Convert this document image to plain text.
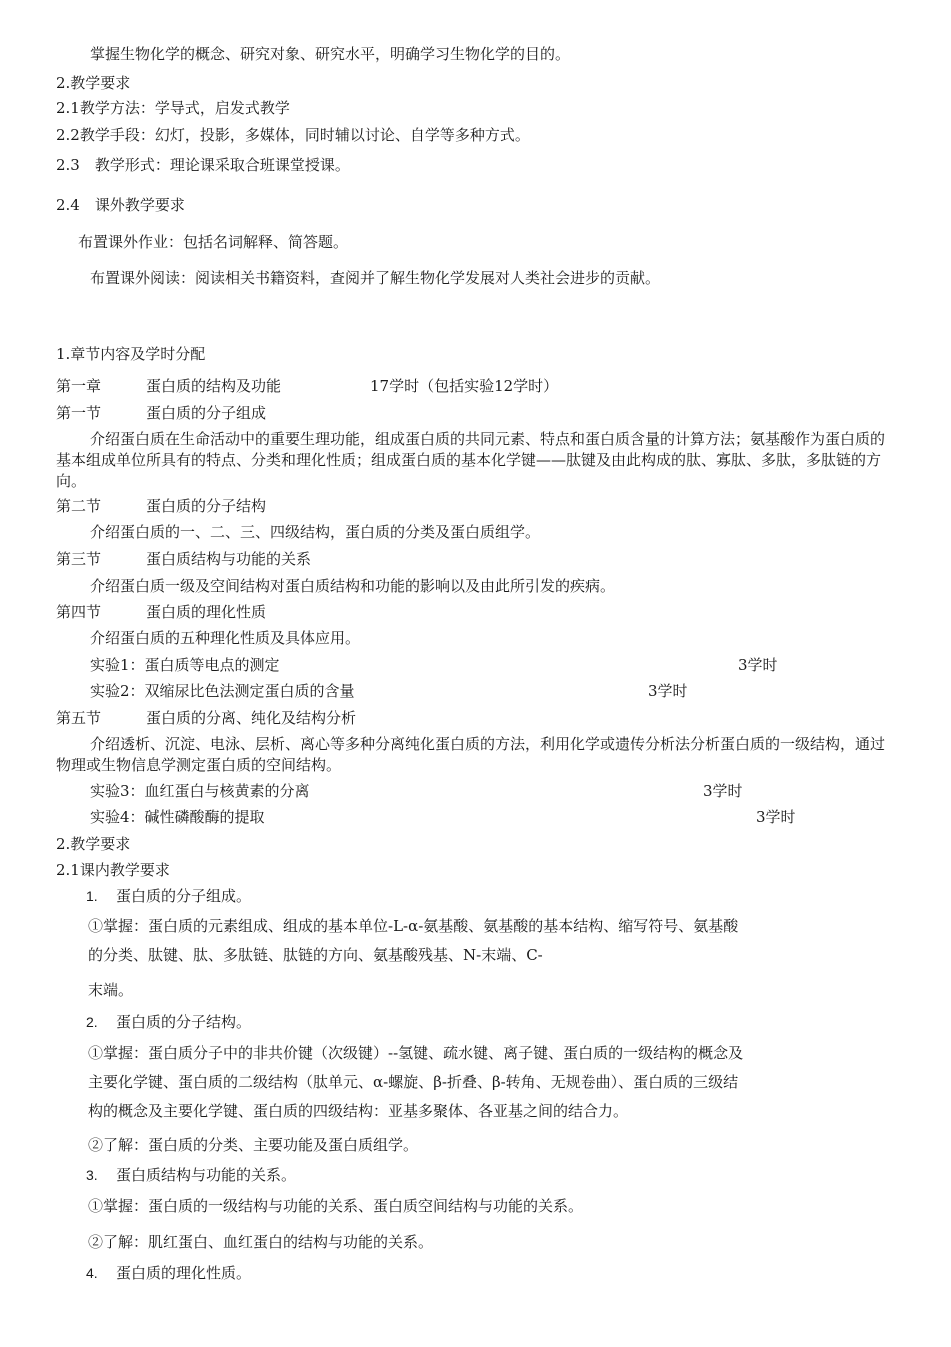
掌握生物化学的概念、研究对象、研究水平，明确学习生物化学的目的。
2.教学要求
2.1教学方法：学导式，启发式教学
2.2教学手段：幻灯，投影，多媒体，同时辅以讨论、自学等多种方式。
2.3　教学形式：理论课采取合班课堂授课。
2.4　课外教学要求
布置课外作业：包括名词解释、简答题。
布置课外阅读：阅读相关书籍资料，查阅并了解生物化学发展对人类社会进步的贡献。
1.章节内容及学时分配
第一章	蛋白质的结构及功能	17学时（包括实验12学时）
第一节	蛋白质的分子组成
介绍蛋白质在生命活动中的重要生理功能，组成蛋白质的共同元素、特点和蛋白质含量的计算方法；氨基酸作为蛋白质的基本组成单位所具有的特点、分类和理化性质；组成蛋白质的基本化学键——肽键及由此构成的肽、寡肽、多肽，多肽链的方向。
第二节	蛋白质的分子结构
介绍蛋白质的一、二、三、四级结构，蛋白质的分类及蛋白质组学。
第三节	蛋白质结构与功能的关系
介绍蛋白质一级及空间结构对蛋白质结构和功能的影响以及由此所引发的疾病。
第四节	蛋白质的理化性质
介绍蛋白质的五种理化性质及具体应用。
实验1：蛋白质等电点的测定	3学时
实验2：双缩尿比色法测定蛋白质的含量	3学时
第五节	蛋白质的分离、纯化及结构分析
介绍透析、沉淀、电泳、层析、离心等多种分离纯化蛋白质的方法，利用化学或遗传分析法分析蛋白质的一级结构，通过物理或生物信息学测定蛋白质的空间结构。
实验3：血红蛋白与核黄素的分离	3学时
实验4：碱性磷酸酶的提取	3学时
2.教学要求
2.1课内教学要求
1. 蛋白质的分子组成。
①掌握：蛋白质的元素组成、组成的基本单位-L-α-氨基酸、氨基酸的基本结构、缩写符号、氨基酸
的分类、肽键、肽、多肽链、肽链的方向、氨基酸残基、N-末端、C-
末端。
2. 蛋白质的分子结构。
①掌握：蛋白质分子中的非共价键（次级键）--氢键、疏水键、离子键、蛋白质的一级结构的概念及
主要化学键、蛋白质的二级结构（肽单元、α-螺旋、β-折叠、β-转角、无规卷曲）、蛋白质的三级结
构的概念及主要化学键、蛋白质的四级结构：亚基多聚体、各亚基之间的结合力。
②了解：蛋白质的分类、主要功能及蛋白质组学。
3. 蛋白质结构与功能的关系。
①掌握：蛋白质的一级结构与功能的关系、蛋白质空间结构与功能的关系。
②了解：肌红蛋白、血红蛋白的结构与功能的关系。
4. 蛋白质的理化性质。
